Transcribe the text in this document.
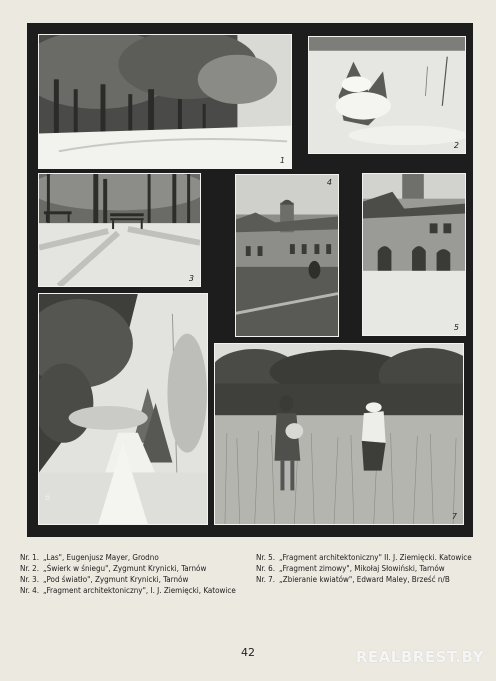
1
2
3
4
5
6
7
Nr. 1. „Las", Eugenjusz Mayer, Grodno
Nr. 2. „Świerk w śniegu", Zygmunt Krynicki, Tarnów
Nr. 3. „Pod światło", Zygmunt Krynicki, Tarnów
Nr. 4. „Fragment architektoniczny", I. J. Ziemięcki, Katowice
Nr. 5. „Fragment architektoniczny" II. J. Ziemięcki. Katowice
Nr. 6. „Fragment zimowy", Mikołaj Słowiński, Tarnów
Nr. 7. „Zbieranie kwiatów", Edward Maley, Brześć n/B
42	REALBREST.BY
